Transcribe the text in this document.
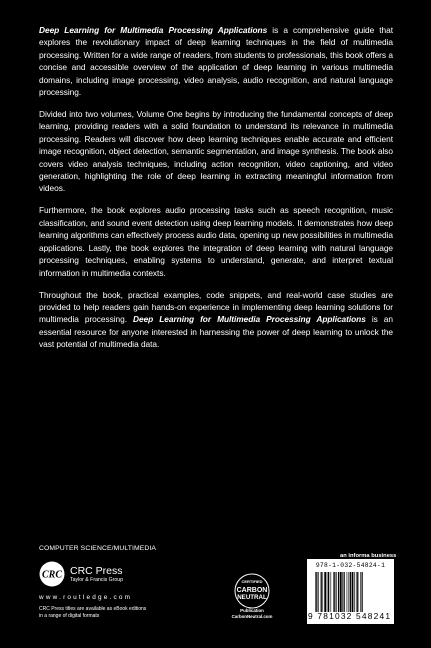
Deep Learning for Multimedia Processing Applications is a comprehensive guide that explores the revolutionary impact of deep learning techniques in the field of multimedia processing. Written for a wide range of readers, from students to professionals, this book offers a concise and accessible overview of the application of deep learning in various multimedia domains, including image processing, video analysis, audio recognition, and natural language processing.

Divided into two volumes, Volume One begins by introducing the fundamental concepts of deep learning, providing readers with a solid foundation to understand its relevance in multimedia processing. Readers will discover how deep learning techniques enable accurate and efficient image recognition, object detection, semantic segmentation, and image synthesis. The book also covers video analysis techniques, including action recognition, video captioning, and video generation, highlighting the role of deep learning in extracting meaningful information from videos.

Furthermore, the book explores audio processing tasks such as speech recognition, music classification, and sound event detection using deep learning models. It demonstrates how deep learning algorithms can effectively process audio data, opening up new possibilities in multimedia applications. Lastly, the book explores the integration of deep learning with natural language processing techniques, enabling systems to understand, generate, and interpret textual information in multimedia contexts.

Throughout the book, practical examples, code snippets, and real-world case studies are provided to help readers gain hands-on experience in implementing deep learning solutions for multimedia processing. Deep Learning for Multimedia Processing Applications is an essential resource for anyone interested in harnessing the power of deep learning to unlock the vast potential of multimedia data.

COMPUTER SCIENCE/MULTIMEDIA
CRC CRC Press
Taylor & Francis Group
www.routledge.com
CRC Press titles are available as eBook editions
in a range of digital formats
CERTIFIED
CARBON
NEUTRAL
Publication
CarbonNeutral.com
an informa business
978-1-032-54824-1
9 781032 548241
